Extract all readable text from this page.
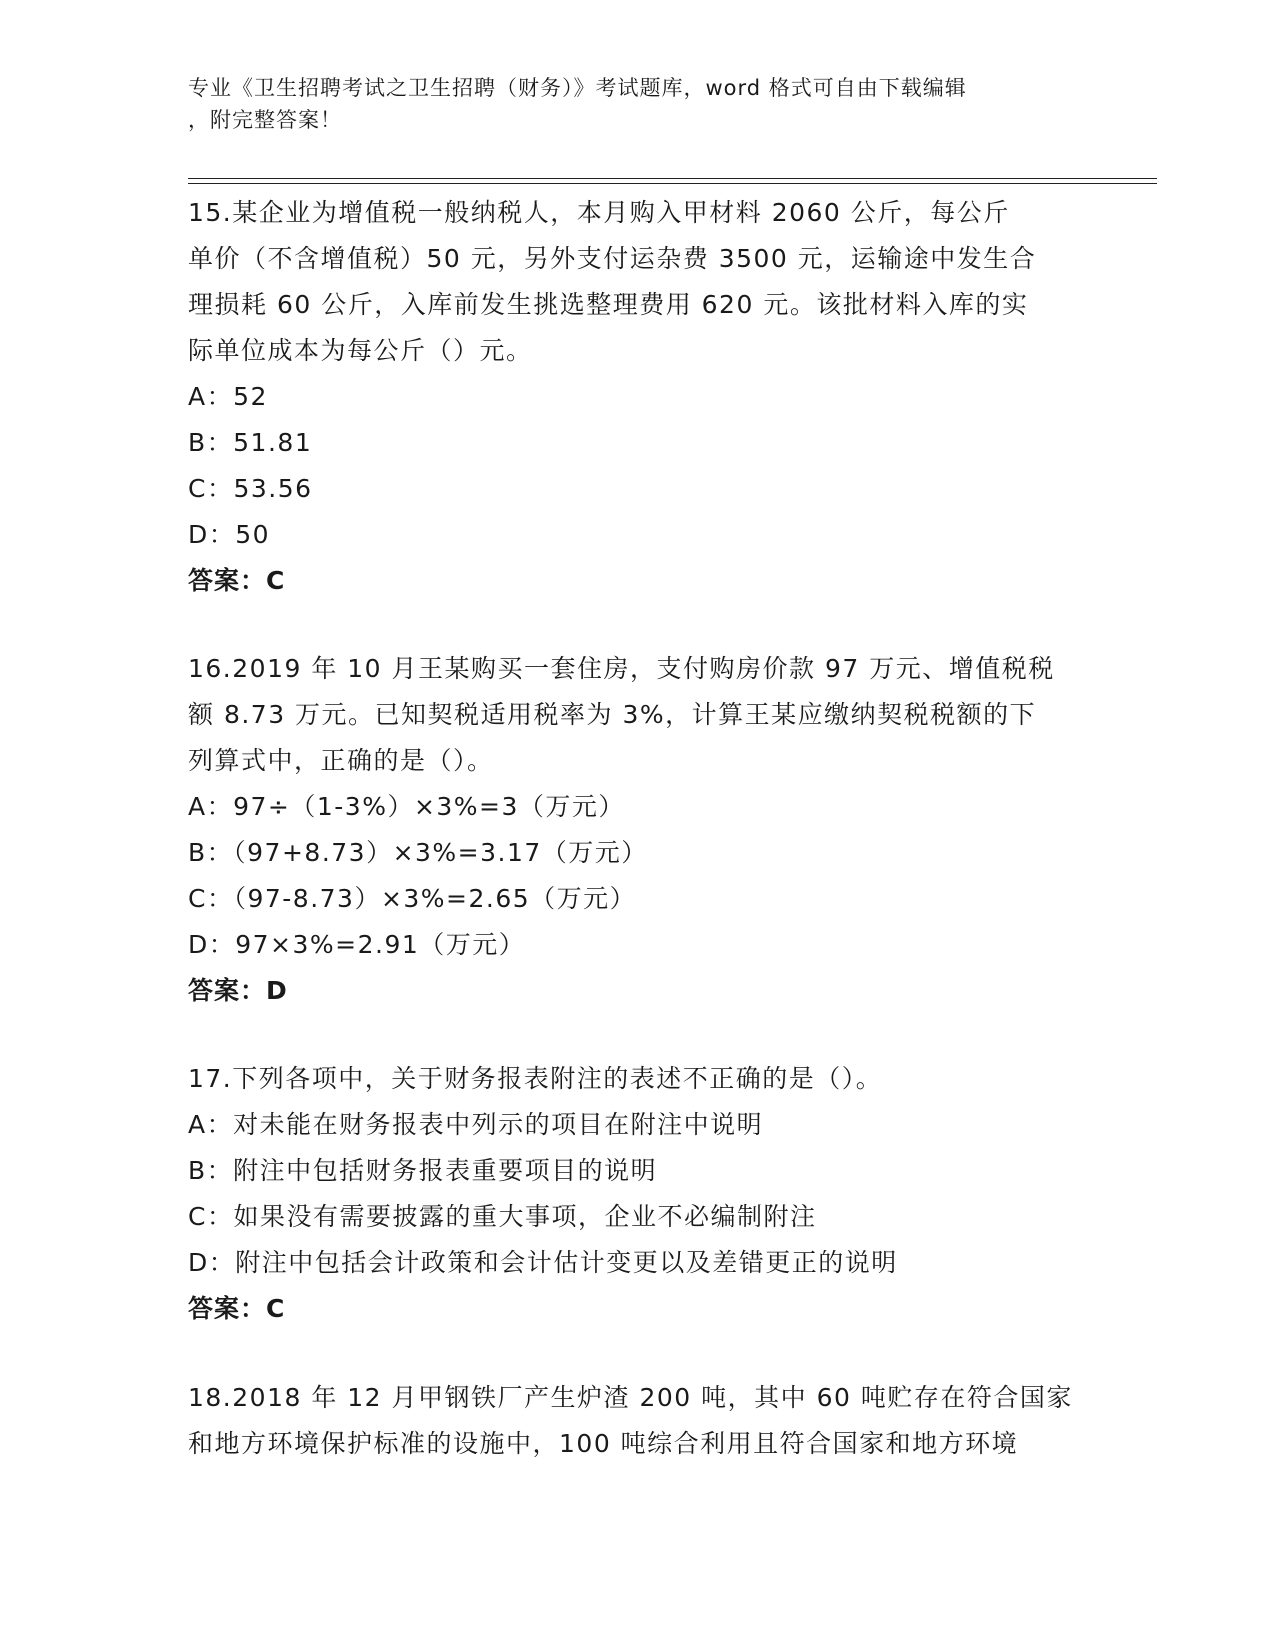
专业《卫生招聘考试之卫生招聘（财务）》考试题库，word 格式可自由下载编辑
，附完整答案！

15.某企业为增值税一般纳税人，本月购入甲材料 2060 公斤，每公斤

单价（不含增值税）50 元，另外支付运杂费 3500 元，运输途中发生合

理损耗 60 公斤，入库前发生挑选整理费用 620 元。该批材料入库的实

际单位成本为每公斤（）元。

A：52

B：51.81

C：53.56

D：50

答案：C

16.2019 年 10 月王某购买一套住房，支付购房价款 97 万元、增值税税

额 8.73 万元。已知契税适用税率为 3%，计算王某应缴纳契税税额的下

列算式中，正确的是（）。

A：97÷（1-3%）×3%=3（万元）

B：（97+8.73）×3%=3.17（万元）

C：（97-8.73）×3%=2.65（万元）

D：97×3%=2.91（万元）

答案：D

17.下列各项中，关于财务报表附注的表述不正确的是（）。

A：对未能在财务报表中列示的项目在附注中说明

B：附注中包括财务报表重要项目的说明

C：如果没有需要披露的重大事项，企业不必编制附注

D：附注中包括会计政策和会计估计变更以及差错更正的说明

答案：C

18.2018 年 12 月甲钢铁厂产生炉渣 200 吨，其中 60 吨贮存在符合国家

和地方环境保护标准的设施中，100 吨综合利用且符合国家和地方环境
